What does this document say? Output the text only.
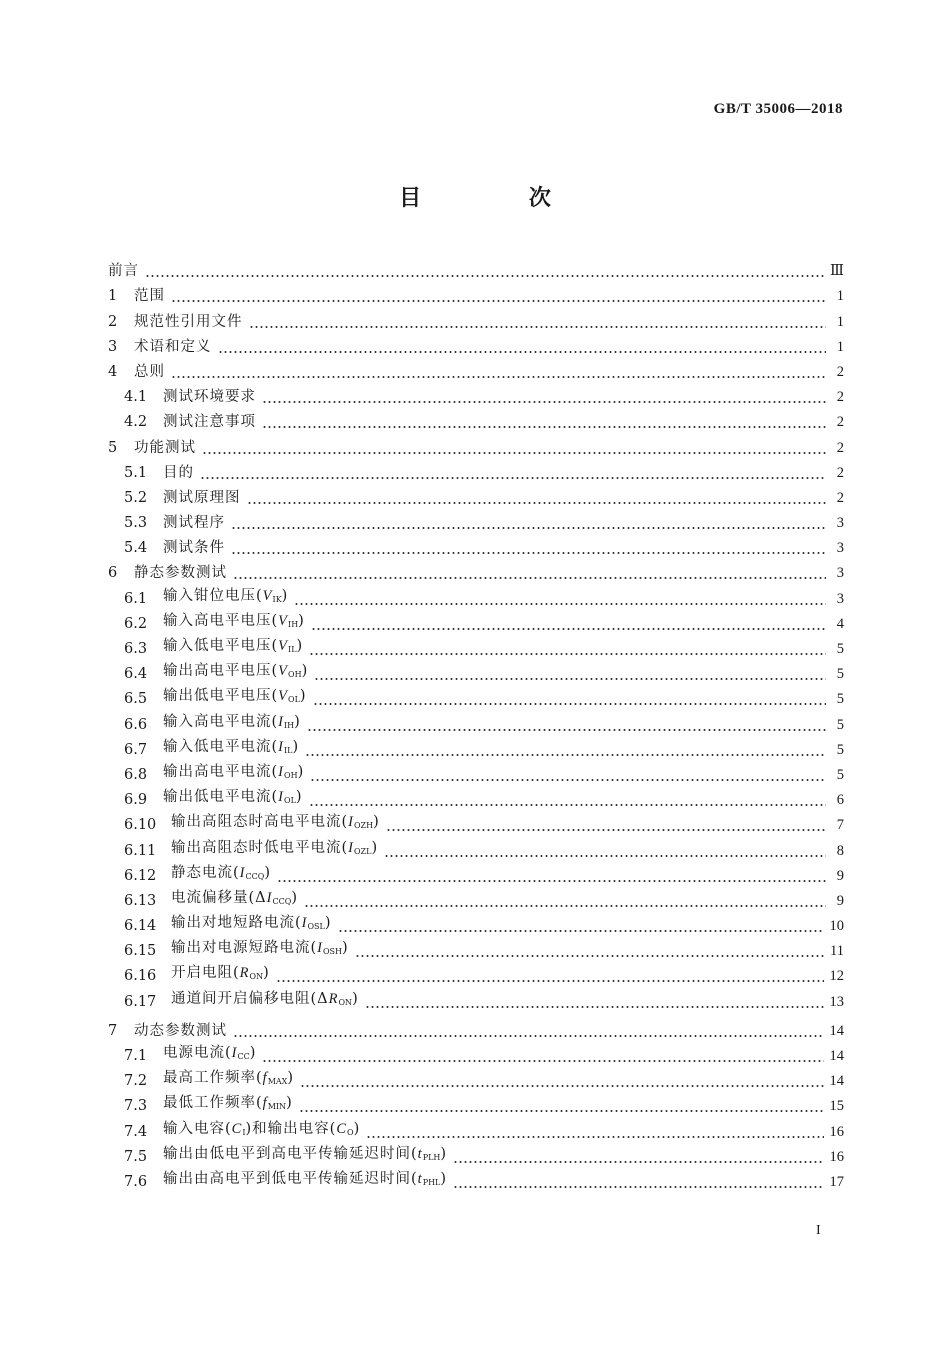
GB/T 35006—2018
目 次
前言	Ⅲ
1	范围	1
2	规范性引用文件	1
3	术语和定义	1
4	总则	2
4.1	测试环境要求	2
4.2	测试注意事项	2
5	功能测试	2
5.1	目的	2
5.2	测试原理图	2
5.3	测试程序	3
5.4	测试条件	3
6	静态参数测试	3
6.1	输入钳位电压$(V_{IK})$	3
6.2	输入高电平电压$(V_{IH})$	4
6.3	输入低电平电压$(V_{IL})$	5
6.4	输出高电平电压$(V_{OH})$	5
6.5	输出低电平电压$(V_{OL})$	5
6.6	输入高电平电流$(I_{IH})$	5
6.7	输入低电平电流$(I_{IL})$	5
6.8	输出高电平电流$(I_{OH})$	5
6.9	输出低电平电流$(I_{OL})$	6
6.10	输出高阻态时高电平电流$(I_{OZH})$	7
6.11	输出高阻态时低电平电流$(I_{OZL})$	8
6.12	静态电流$(I_{CCQ})$	9
6.13	电流偏移量$(\Delta I_{CCQ})$	9
6.14	输出对地短路电流$(I_{OSL})$	10
6.15	输出对电源短路电流$(I_{OSH})$	11
6.16	开启电阻$(R_{ON})$	12
6.17	通道间开启偏移电阻$(\Delta R_{ON})$	13
7	动态参数测试	14
7.1	电源电流$(I_{CC})$	14
7.2	最高工作频率$(f_{MAX})$	14
7.3	最低工作频率$(f_{MIN})$	15
7.4	输入电容$(C_I)$和输出电容$(C_O)$	16
7.5	输出由低电平到高电平传输延迟时间$(t_{PLH})$	16
7.6	输出由高电平到低电平传输延迟时间$(t_{PHL})$	17
I
